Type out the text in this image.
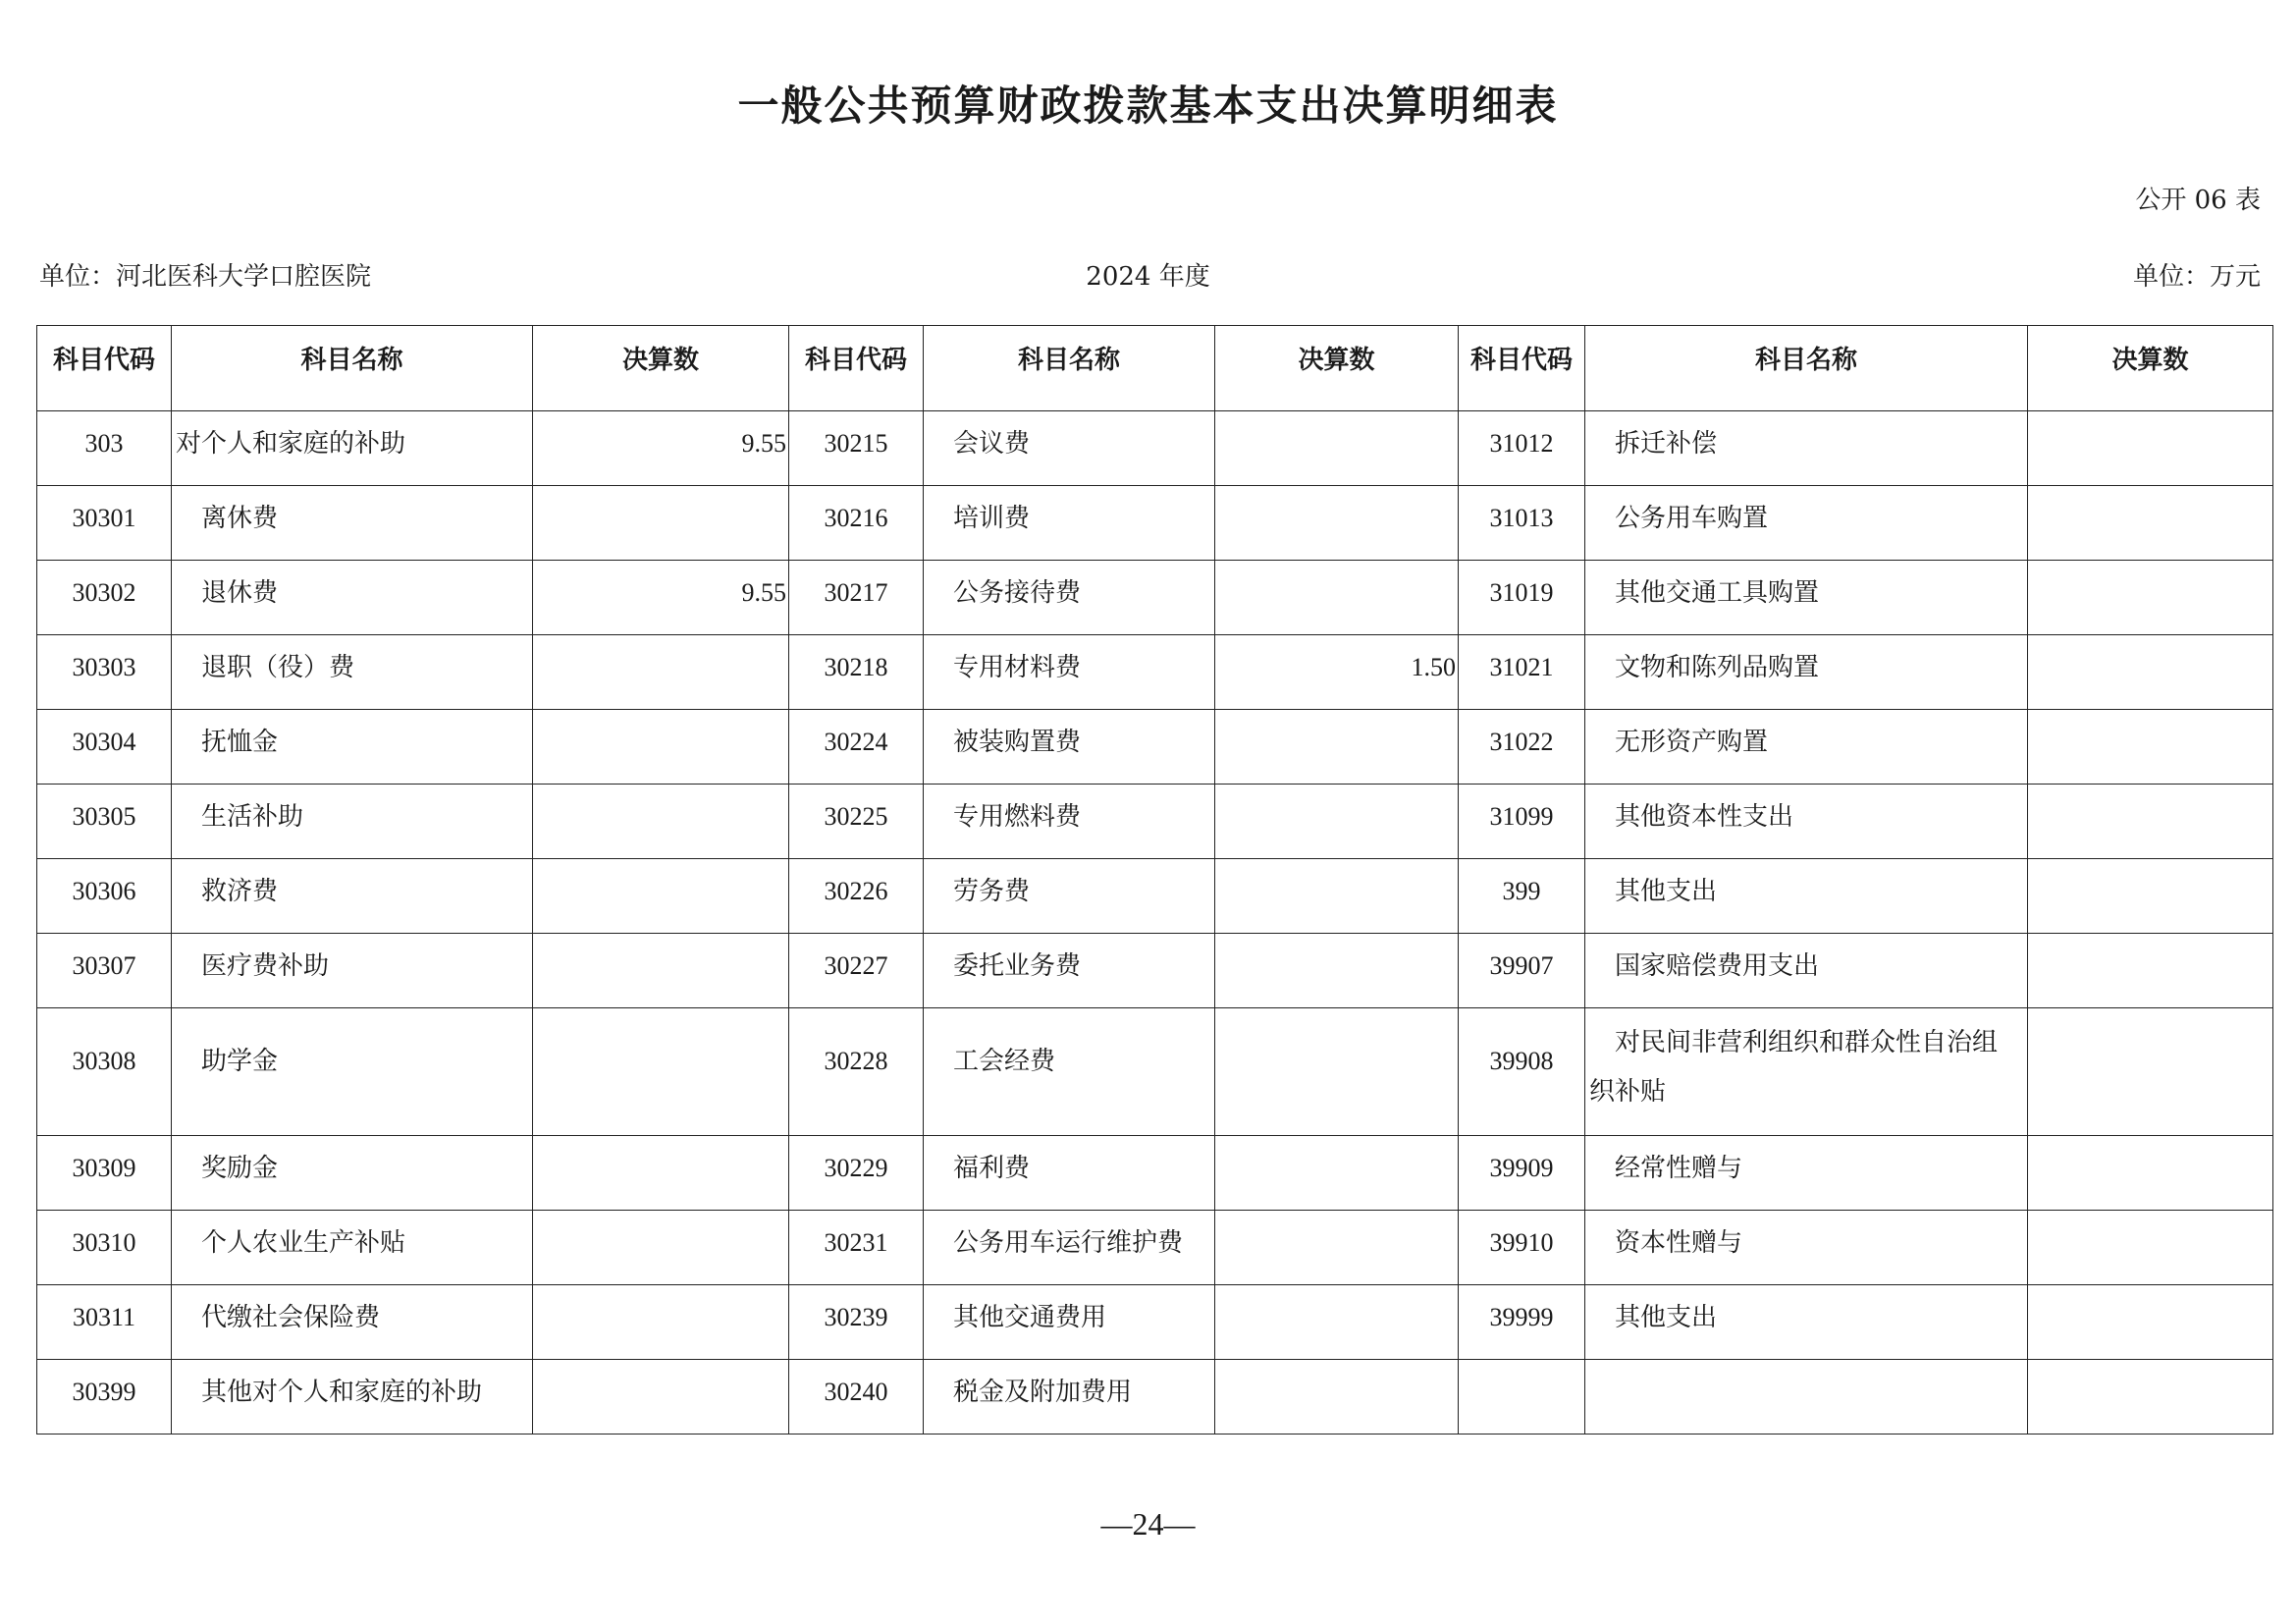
一般公共预算财政拨款基本支出决算明细表
公开 06 表
单位：河北医科大学口腔医院	2024 年度	单位：万元
科目代码	科目名称	决算数	科目代码	科目名称	决算数	科目代码	科目名称	决算数
303	对个人和家庭的补助	9.55	30215	会议费		31012	拆迁补偿	
30301	离休费		30216	培训费		31013	公务用车购置	
30302	退休费	9.55	30217	公务接待费		31019	其他交通工具购置	
30303	退职（役）费		30218	专用材料费	1.50	31021	文物和陈列品购置	
30304	抚恤金		30224	被装购置费		31022	无形资产购置	
30305	生活补助		30225	专用燃料费		31099	其他资本性支出	
30306	救济费		30226	劳务费		399	其他支出	
30307	医疗费补助		30227	委托业务费		39907	国家赔偿费用支出	
30308	助学金		30228	工会经费		39908	对民间非营利组织和群众性自治组织补贴	
30309	奖励金		30229	福利费		39909	经常性赠与	
30310	个人农业生产补贴		30231	公务用车运行维护费		39910	资本性赠与	
30311	代缴社会保险费		30239	其他交通费用		39999	其他支出	
30399	其他对个人和家庭的补助		30240	税金及附加费用				
—24—
